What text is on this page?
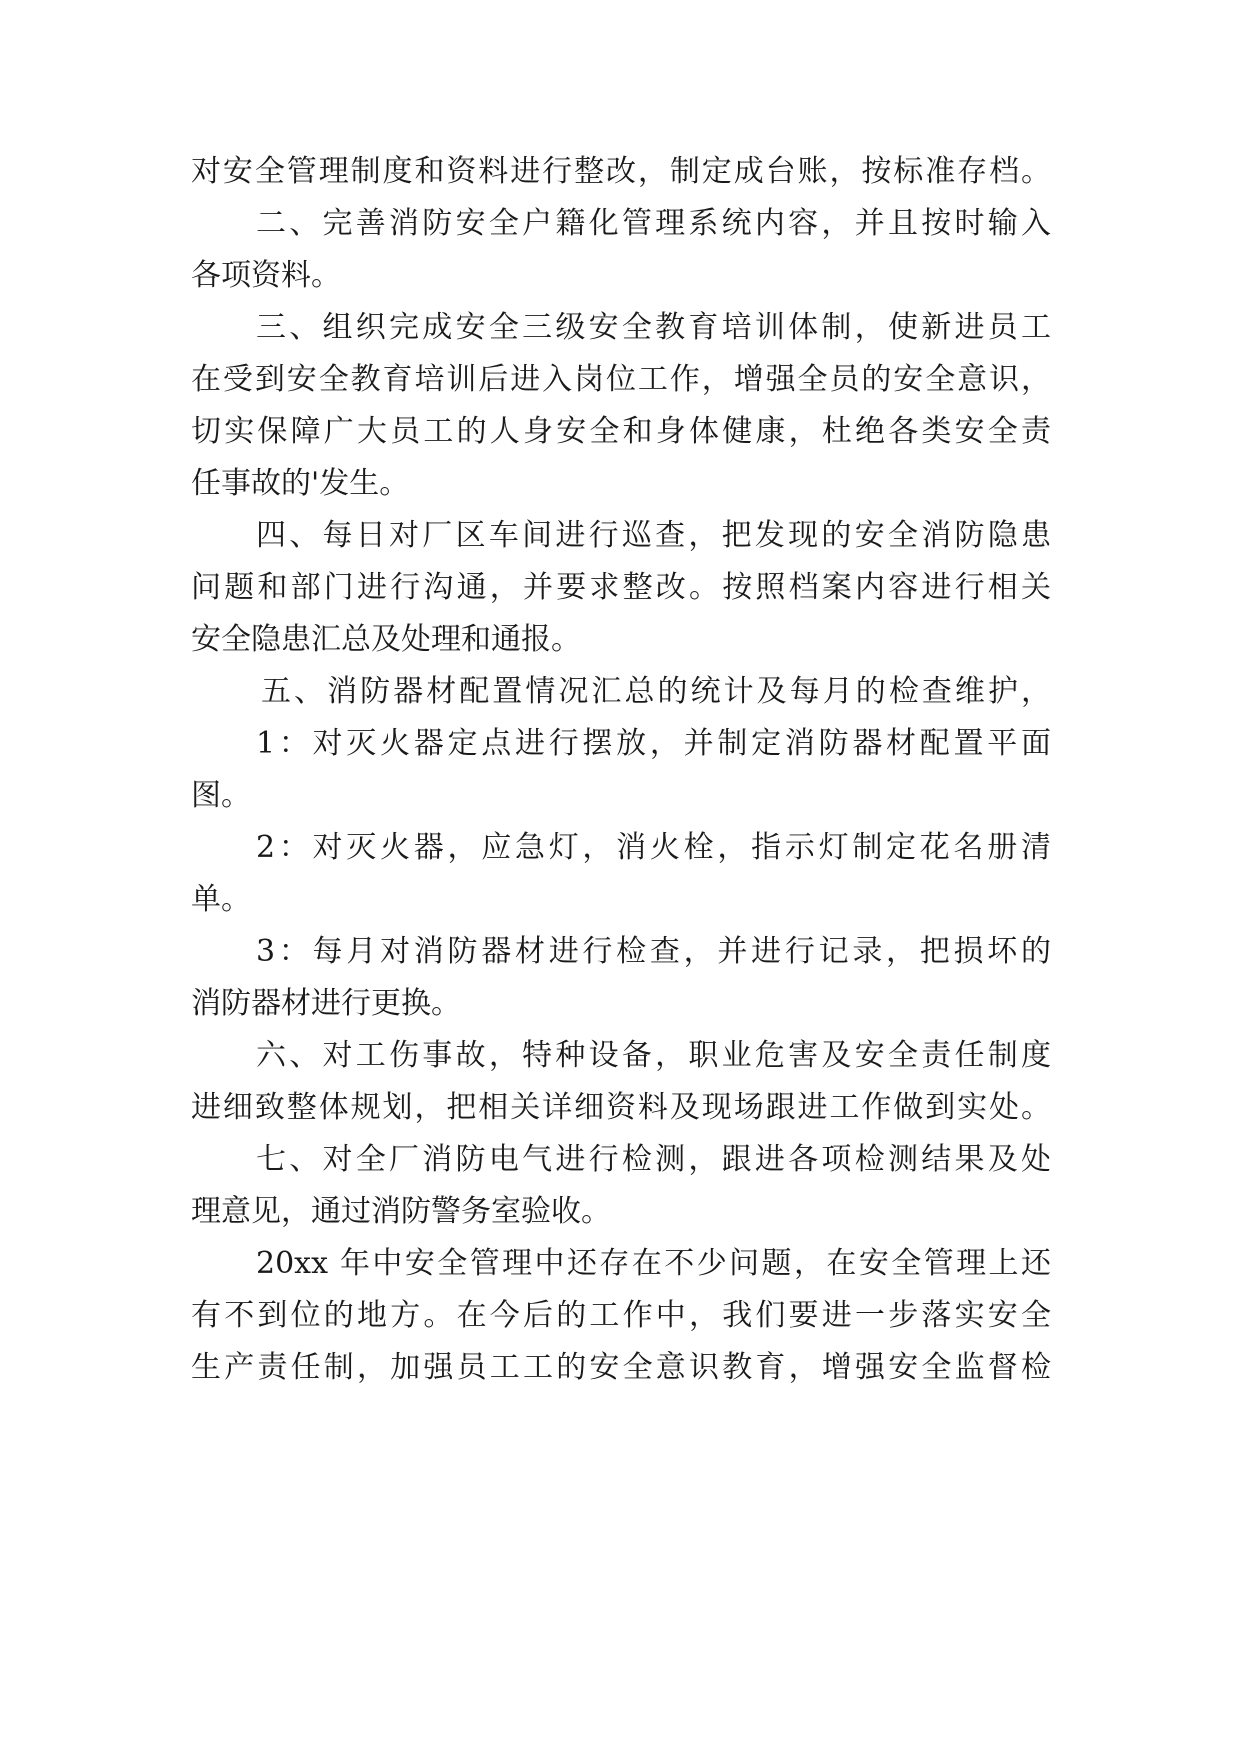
对安全管理制度和资料进行整改，制定成台账，按标准存档。
二、完善消防安全户籍化管理系统内容，并且按时输入
各项资料。
三、组织完成安全三级安全教育培训体制，使新进员工
在受到安全教育培训后进入岗位工作，增强全员的安全意识，
切实保障广大员工的人身安全和身体健康，杜绝各类安全责
任事故的'发生。
四、每日对厂区车间进行巡查，把发现的安全消防隐患
问题和部门进行沟通，并要求整改。按照档案内容进行相关
安全隐患汇总及处理和通报。
五、消防器材配置情况汇总的统计及每月的检查维护，
1：对灭火器定点进行摆放，并制定消防器材配置平面
图。
2：对灭火器，应急灯，消火栓，指示灯制定花名册清
单。
3：每月对消防器材进行检查，并进行记录，把损坏的
消防器材进行更换。
六、对工伤事故，特种设备，职业危害及安全责任制度
进细致整体规划，把相关详细资料及现场跟进工作做到实处。
七、对全厂消防电气进行检测，跟进各项检测结果及处
理意见，通过消防警务室验收。
20xx 年中安全管理中还存在不少问题，在安全管理上还
有不到位的地方。在今后的工作中，我们要进一步落实安全
生产责任制，加强员工工的安全意识教育，增强安全监督检
